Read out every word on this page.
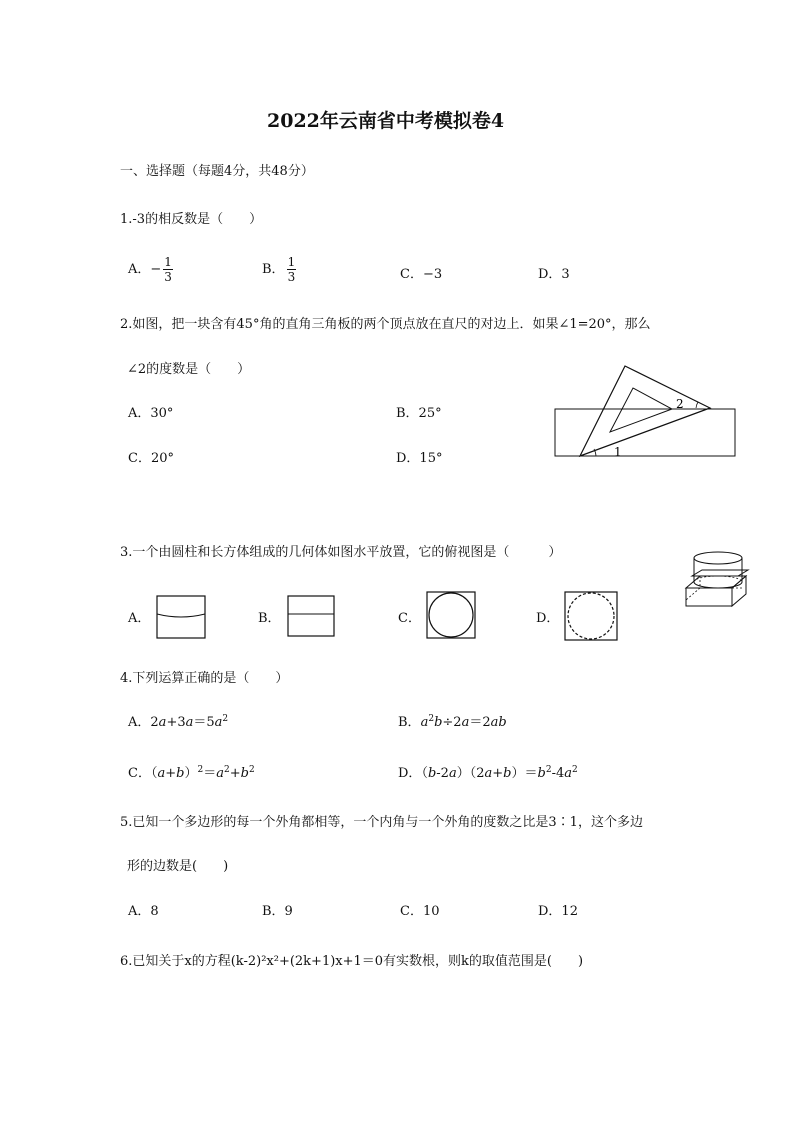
2022年云南省中考模拟卷4
一、选择题（每题4分，共48分）
1.-3的相反数是（　　）
A．− $\frac{1}{3}$	B． $\frac{1}{3}$	C．−3	D．3
2.如图，把一块含有45°角的直角三角板的两个顶点放在直尺的对边上．如果∠1=20°，那么
∠2的度数是（　　）
A．30°	B．25°
C．20°	D．15°	1
2
3.一个由圆柱和长方体组成的几何体如图水平放置，它的俯视图是（　　　）
A．	B．	C．	D．
4.下列运算正确的是（　　）
A．$2a+3a=5a^2$	B．$a^2b\div 2a=2ab$
C．$(a+b)^2=a^2+b^2$	D．$(b-2a)(2a+b)=b^2-4a^2$
5.已知一个多边形的每一个外角都相等，一个内角与一个外角的度数之比是3∶1，这个多边
形的边数是(　　)
A．8	B．9	C．10	D．12
6.已知关于x的方程(k-2)²x²+(2k+1)x+1＝0有实数根，则k的取值范围是(　　)
